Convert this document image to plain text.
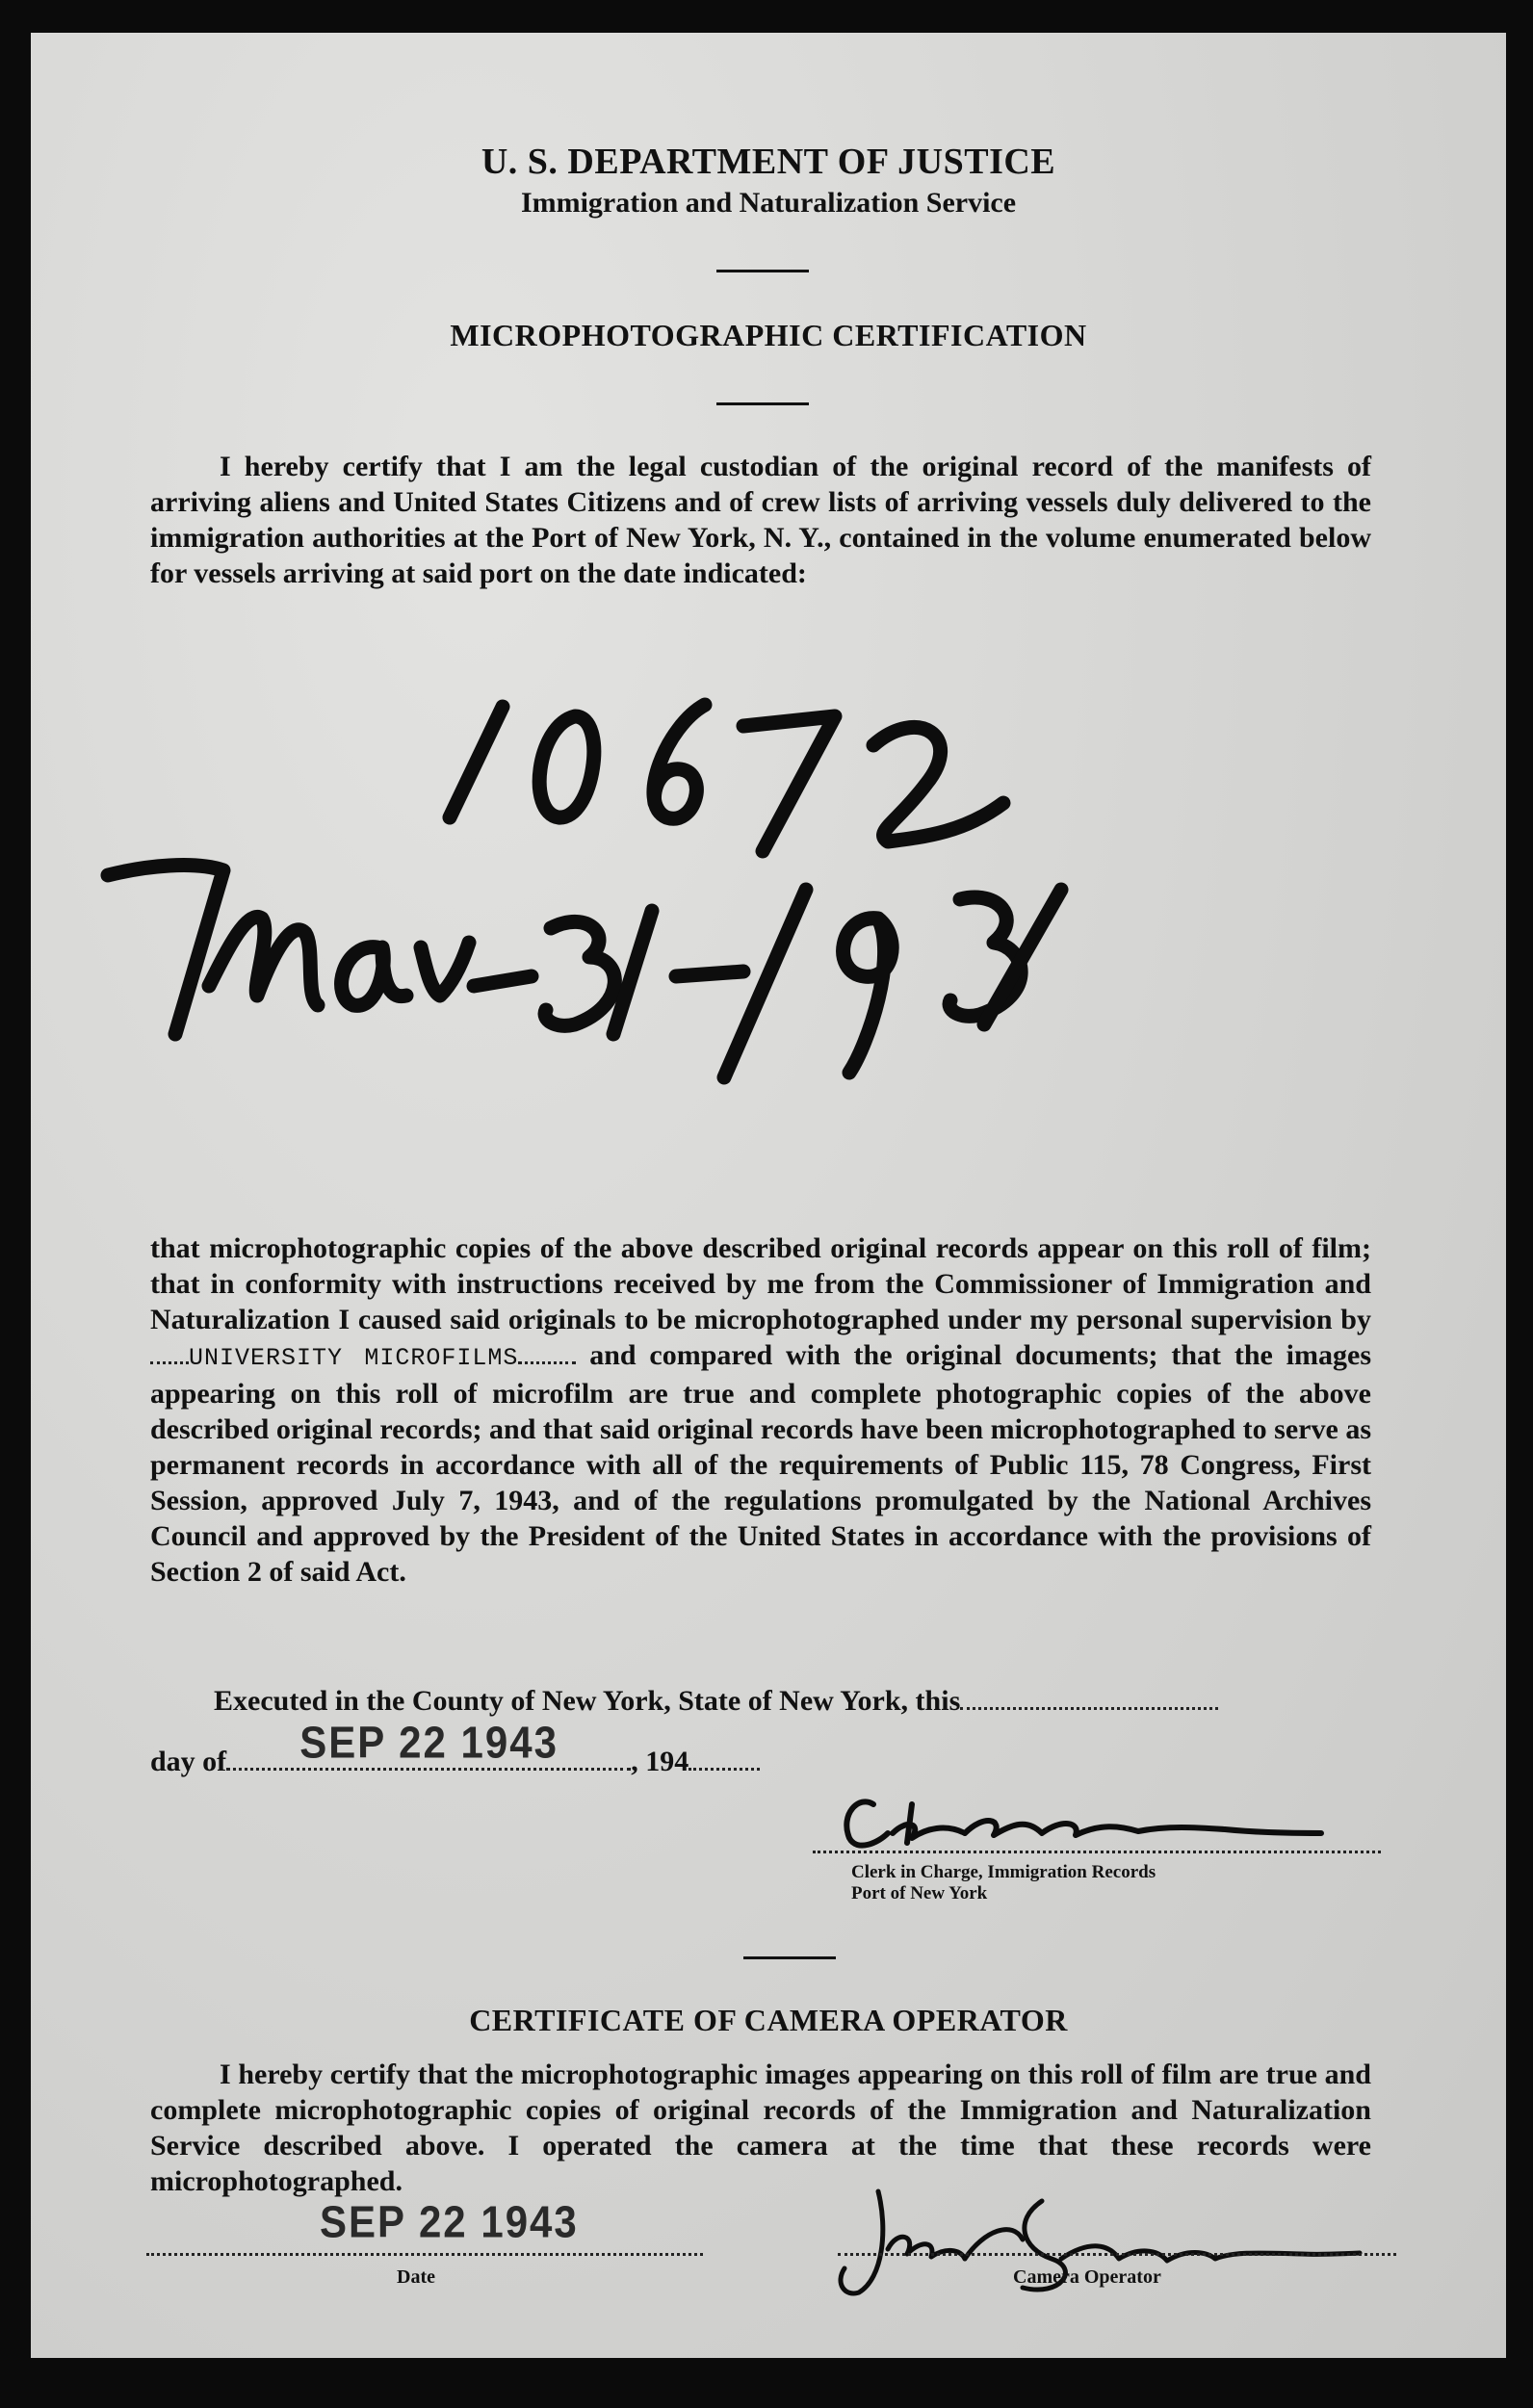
U. S. DEPARTMENT OF JUSTICE
Immigration and Naturalization Service
MICROPHOTOGRAPHIC CERTIFICATION

I hereby certify that I am the legal custodian of the original record of the manifests of arriving aliens and United States Citizens and of crew lists of arriving vessels duly delivered to the immigration authorities at the Port of New York, N. Y., contained in the volume enumerated below for vessels arriving at said port on the date indicated:

that microphotographic copies of the above described original records appear on this roll of film; that in conformity with instructions received by me from the Commissioner of Immigration and Naturalization I caused said originals to be microphotographed under my personal supervision byUNIVERSITY MICROFILMS and compared with the original documents; that the images appearing on this roll of microfilm are true and complete photographic copies of the above described original records; and that said original records have been microphotographed to serve as permanent records in accordance with all of the requirements of Public 115, 78 Congress, First Session, approved July 7, 1943, and of the regulations promulgated by the National Archives Council and approved by the President of the United States in accordance with the provisions of Section 2 of said Act.

Executed in the County of New York, State of New York, this
day of SEP 22 1943	, 194
Clerk in Charge, Immigration Records
Port of New York
CERTIFICATE OF CAMERA OPERATOR

I hereby certify that the microphotographic images appearing on this roll of film are true and complete microphotographic copies of original records of the Immigration and Naturalization Service described above. I operated the camera at the time that these records were microphotographed.

SEP 22 1943
Date	Camera Operator
